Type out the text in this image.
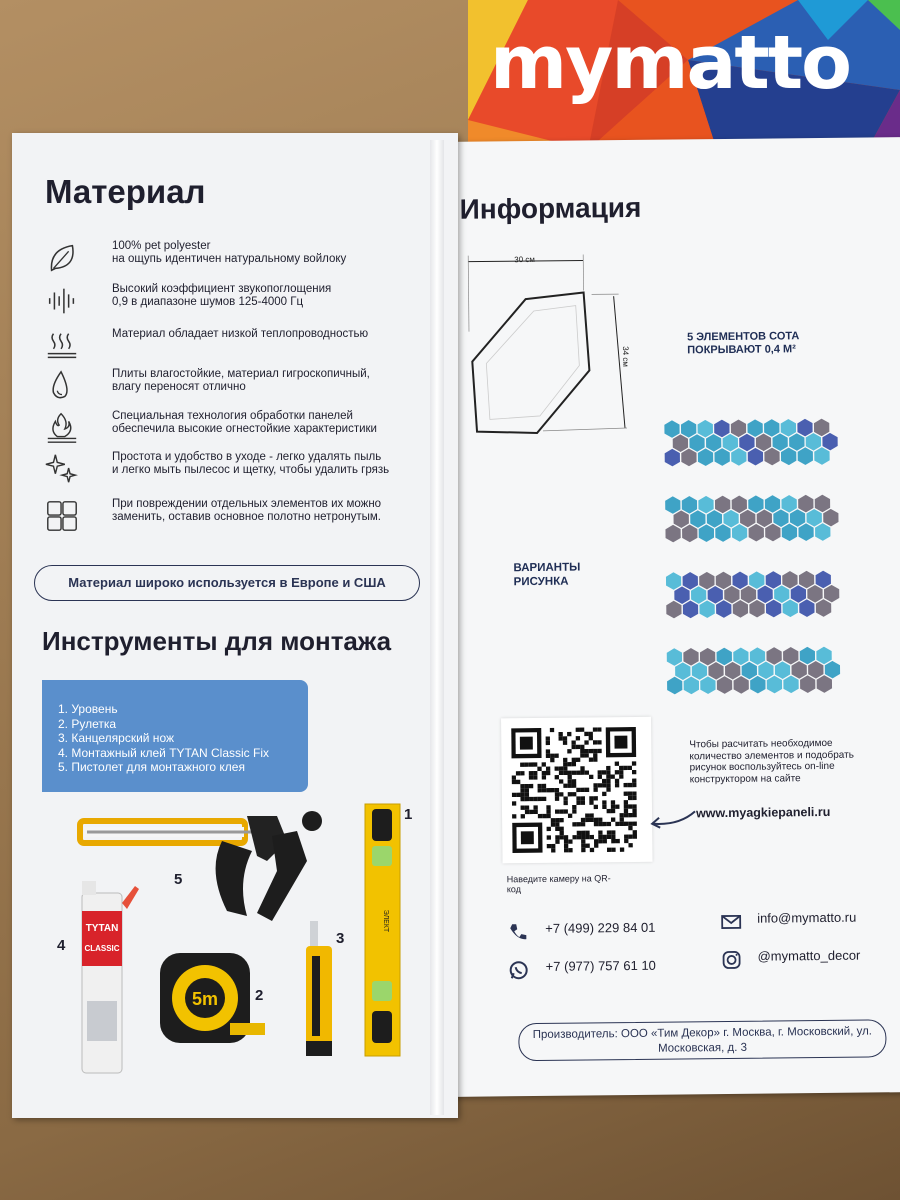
mymatto
Информация
30 см
34 см
5 ЭЛЕМЕНТОВ СОТА ПОКРЫВАЮТ 0,4 М²
ВАРИАНТЫ РИСУНКА
Чтобы расчитать необходимое количество элементов и подобрать рисунок воспользуйтесь on-line конструктором на сайте
www.myagkiepaneli.ru
Наведите камеру на QR-код
+7 (499) 229 84 01
+7 (977) 757 61 10
info@mymatto.ru
@mymatto_decor
Производитель: ООО «Тим Декор» г. Москва, г. Московский, ул. Московская, д. 3
Материал
100% pet polyester
на ощупь идентичен натуральному войлоку
Высокий коэффициент звукопоглощения
0,9 в диапазоне шумов 125-4000 Гц
Материал обладает низкой теплопроводностью
Плиты влагостойкие, материал гигроскопичный,
влагу переносят отлично
Специальная технология обработки панелей
обеспечила высокие огнестойкие характеристики
Простота и удобство в уходе - легко удалять пыль
и легко мыть пылесос и щетку, чтобы удалить грязь
При повреждении отдельных элементов их можно
заменить, оставив основное полотно нетронутым.
Материал широко используется в Европе и США
Инструменты для монтажа
1. Уровень
2. Рулетка
3. Канцелярский нож
4. Монтажный клей TYTAN Classic Fix
5. Пистолет для монтажного клея
TYTAN
CLASSIC
5m
ЭЛЕКТ
1
2
3
4
5
